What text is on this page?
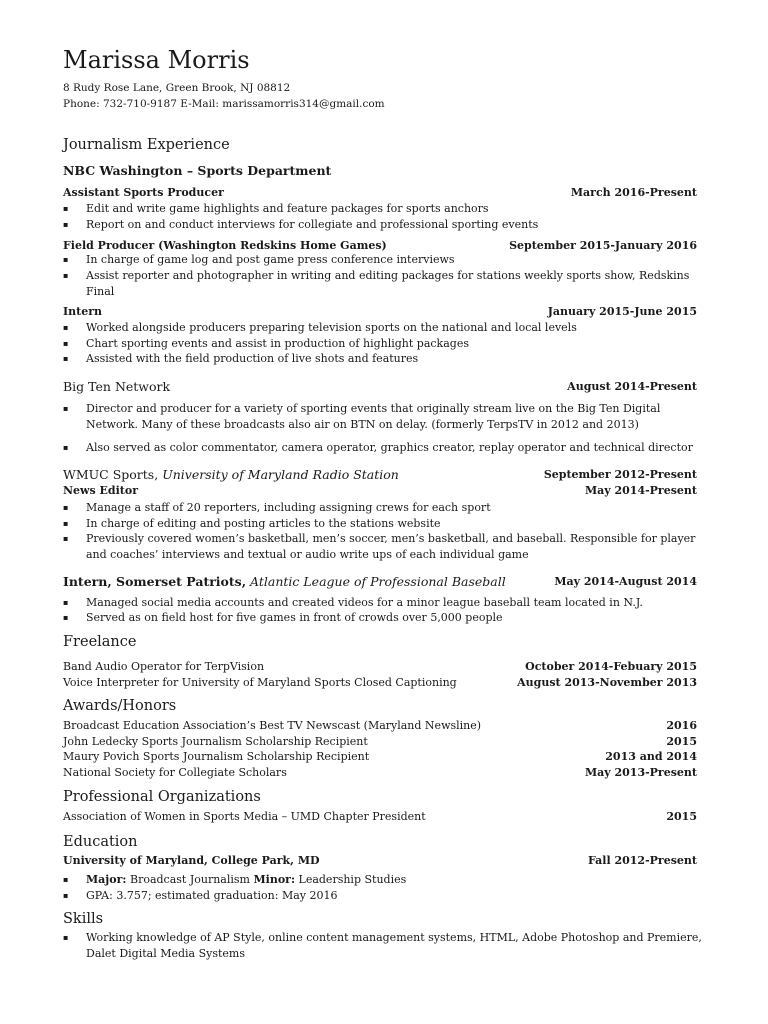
Marissa Morris
8 Rudy Rose Lane, Green Brook, NJ 08812
Phone: 732-710-9187 E-Mail: marissamorris314@gmail.com
Journalism Experience
NBC Washington – Sports Department
Assistant Sports Producer	March 2016-Present
▪ Edit and write game highlights and feature packages for sports anchors
▪ Report on and conduct interviews for collegiate and professional sporting events
Field Producer (Washington Redskins Home Games)	September 2015-January 2016
▪ In charge of game log and post game press conference interviews
▪ Assist reporter and photographer in writing and editing packages for stations weekly sports show, Redskins Final
Intern	January 2015-June 2015
▪ Worked alongside producers preparing television sports on the national and local levels
▪ Chart sporting events and assist in production of highlight packages
▪ Assisted with the field production of live shots and features
Big Ten Network	August 2014-Present
▪ Director and producer for a variety of sporting events that originally stream live on the Big Ten Digital Network. Many of these broadcasts also air on BTN on delay. (formerly TerpsTV in 2012 and 2013)
▪ Also served as color commentator, camera operator, graphics creator, replay operator and technical director
WMUC Sports, University of Maryland Radio Station	September 2012-Present
News Editor	May 2014-Present
▪ Manage a staff of 20 reporters, including assigning crews for each sport
▪ In charge of editing and posting articles to the stations website
▪ Previously covered women’s basketball, men’s soccer, men’s basketball, and baseball. Responsible for player and coaches’ interviews and textual or audio write ups of each individual game
Intern, Somerset Patriots, Atlantic League of Professional Baseball	May 2014-August 2014
▪ Managed social media accounts and created videos for a minor league baseball team located in N.J.
▪ Served as on field host for five games in front of crowds over 5,000 people
Freelance
Band Audio Operator for TerpVision	October 2014-Febuary 2015
Voice Interpreter for University of Maryland Sports Closed Captioning	August 2013-November 2013
Awards/Honors
Broadcast Education Association’s Best TV Newscast (Maryland Newsline)	2016
John Ledecky Sports Journalism Scholarship Recipient	2015
Maury Povich Sports Journalism Scholarship Recipient	2013 and 2014
National Society for Collegiate Scholars	May 2013-Present
Professional Organizations
Association of Women in Sports Media – UMD Chapter President	2015
Education
University of Maryland, College Park, MD	Fall 2012-Present
▪ Major: Broadcast Journalism Minor: Leadership Studies
▪ GPA: 3.757; estimated graduation: May 2016
Skills
▪ Working knowledge of AP Style, online content management systems, HTML, Adobe Photoshop and Premiere, Dalet Digital Media Systems
